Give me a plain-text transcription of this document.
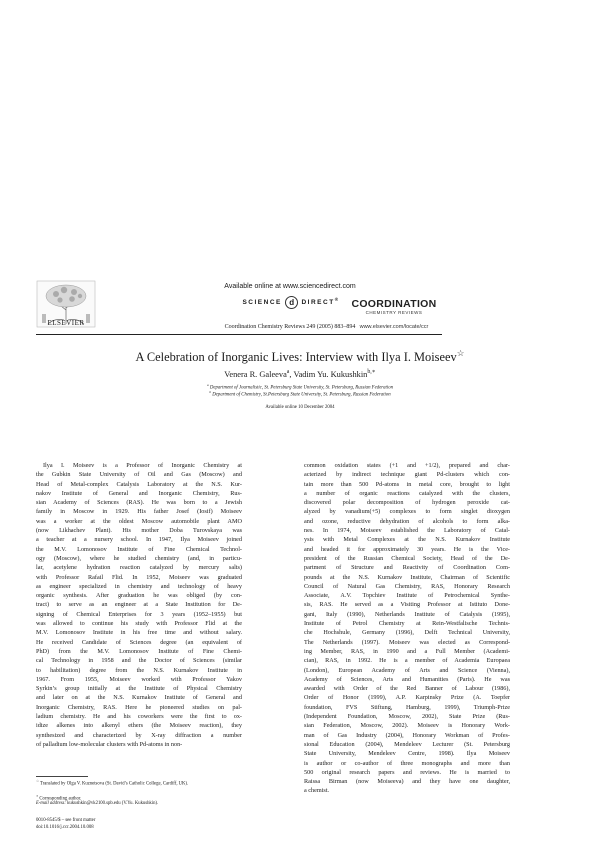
ELSEVIER
Available online at www.sciencedirect.com
SCIENCE d DIRECT®
Coordination Chemistry Reviews 249 (2005) 883–894
COORDINATION
CHEMISTRY REVIEWS
www.elsevier.com/locate/ccr
A Celebration of Inorganic Lives: Interview with Ilya I. Moiseev☆
Venera R. Galeeva$^a$, Vadim Yu. Kukushkin$^{b,∗}$
$^a$ Department of Journalistic, St. Petersburg State University, St. Petersburg, Russian Federation
$^b$ Department of Chemistry, St.Petersburg State University, St. Petersburg, Russian Federation
Available online 10 December 2004
Ilya I. Moiseev is a Professor of Inorganic Chemistry at
the Gubkin State University of Oil and Gas (Moscow) and
Head of Metal-complex Catalysis Laboratory at the N.S. Kur-
nakov Institute of General and Inorganic Chemistry, Rus-
sian Academy of Sciences (RAS). He was born to a Jewish
family in Moscow in 1929. His father Josef (Iosif) Moiseev
was a worker at the oldest Moscow automobile plant AMO
(now Likhachev Plant). His mother Doba Turovskaya was
a teacher at a nursery school. In 1947, Ilya Moiseev joined
the M.V. Lomonosov Institute of Fine Chemical Technol-
ogy (Moscow), where he studied chemistry (and, in particu-
lar, acetylene hydration reaction catalyzed by mercury salts)
with Professor Rafail Flid. In 1952, Moiseev was graduated
as engineer specialized in chemistry and technology of heavy
organic synthesis. After graduation he was obliged (by con-
tract) to serve as an engineer at a State Institution for De-
signing of Chemical Enterprises for 3 years (1952–1955) but
was allowed to continue his study with Professor Flid at the
M.V. Lomonosov Institute in his free time and without salary.
He received Candidate of Sciences degree (an equivalent of
PhD) from the M.V. Lomonosov Institute of Fine Chemi-
cal Technology in 1958 and the Doctor of Sciences (similar
to habilitation) degree from the N.S. Kurnakov Institute in
1967. From 1955, Moiseev worked with Professor Yakov
Syrkin’s group initially at the Institute of Physical Chemistry
and later on at the N.S. Kurnakov Institute of General and
Inorganic Chemistry, RAS. Here he pioneered studies on pal-
ladium chemistry. He and his coworkers were the first to ox-
idize alkenes into alkenyl ethers (the Moiseev reaction), they
synthesized and characterized by X-ray diffraction a number
of palladium low-molecular clusters with Pd-atoms in non-
common oxidation states (+1 and +1/2), prepared and char-
acterized by indirect technique giant Pd-clusters which con-
tain more than 500 Pd-atoms in metal core, brought to light
a number of organic reactions catalyzed with the clusters,
discovered polar decomposition of hydrogen peroxide cat-
alyzed by vanadium(+5) complexes to form singlet dioxygen
and ozone, reductive dehydration of alcohols to form alka-
nes. In 1974, Moiseev established the Laboratory of Catal-
ysis with Metal Complexes at the N.S. Kurnakov Institute
and headed it for approximately 30 years. He is the Vice-
president of the Russian Chemical Society, Head of the De-
partment of Structure and Reactivity of Coordination Com-
pounds at the N.S. Kurnakov Institute, Chairman of Scientific
Council of Natural Gas Chemistry, RAS, Honorary Research
Associate, A.V. Topchiev Institute of Petrochemical Synthe-
sis, RAS. He served as a Visiting Professor at Istituto Done-
gani, Italy (1990), Netherlands Institute of Catalysis (1995),
Institute of Petrol Chemistry at Rein-Westfalische Technis-
che Hochshule, Germany (1996), Delft Technical University,
The Netherlands (1997). Moiseev was elected as Correspond-
ing Member, RAS, in 1990 and a Full Member (Academi-
cian), RAS, in 1992. He is a member of Academia Europaea
(London), European Academy of Arts and Science (Vienna),
Academy of Sciences, Arts and Humanities (Paris). He was
awarded with Order of the Red Banner of Labour (1986),
Order of Honor (1999), A.P. Karpinsky Prize (A. Toepfer
foundation, FVS Stiftung, Hamburg, 1999), Triumph-Prize
(Independent Foundation, Moscow, 2002), State Prize (Rus-
sian Federation, Moscow, 2002). Moiseev is Honorary Work-
man of Gas Industry (2004), Honorary Workman of Profes-
sional Education (2004), Mendeleev Lecturer (St. Petersburg
State University, Mendeleev Centre, 1998). Ilya Moiseev
is author or co-author of three monographs and more than
500 original research papers and reviews. He is married to
Raissa Birman (now Moiseeva) and they have one daughter,
a chemist.
☆ Translated by Olga V. Kuznetsova (St. David’s Catholic College, Cardiff, UK).
∗ Corresponding author.
E-mail address: kukushkin@vk2100.spb.edu (V.Yu. Kukushkin).
0010-8545/$ – see front matter
doi:10.1016/j.ccr.2004.10.008
